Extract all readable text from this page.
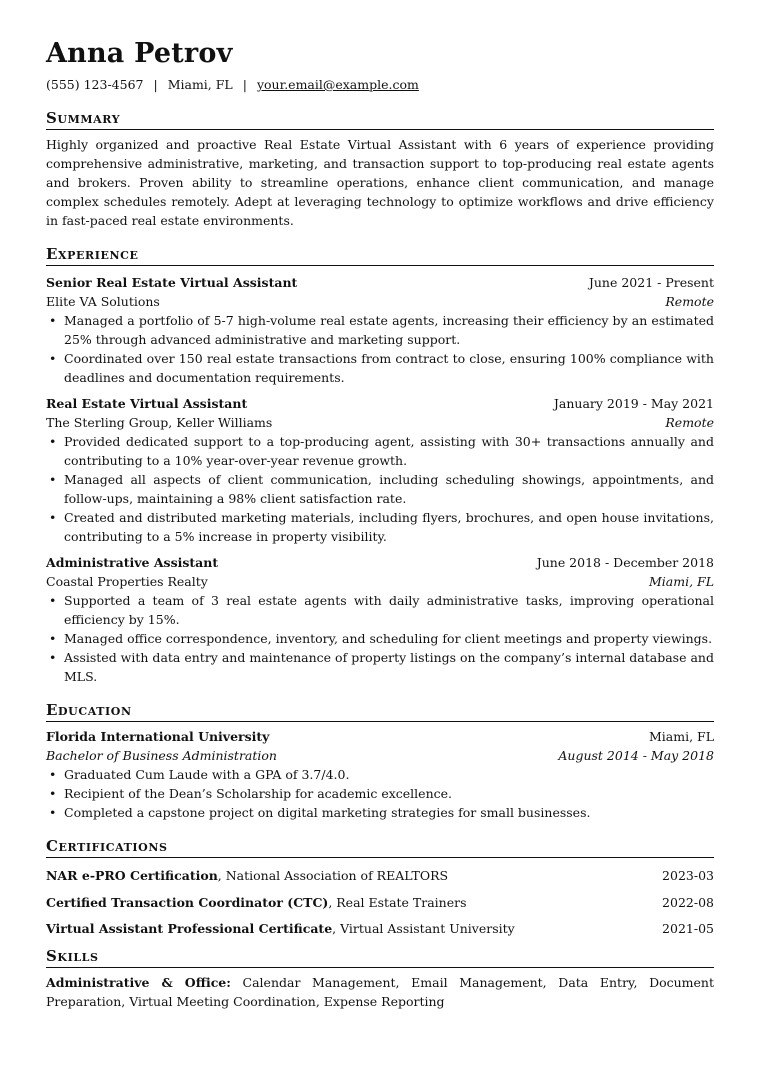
Anna Petrov
(555) 123-4567 | Miami, FL | your.email@example.com
Summary

Highly organized and proactive Real Estate Virtual Assistant with 6 years of experience providing comprehensive administrative, marketing, and transaction support to top-producing real estate agents and brokers. Proven ability to streamline operations, enhance client communication, and manage complex schedules remotely. Adept at leveraging technology to optimize workflows and drive efficiency in fast-paced real estate environments.

Experience
Senior Real Estate Virtual Assistant	June 2021 - Present
Elite VA Solutions	Remote
• Managed a portfolio of 5-7 high-volume real estate agents, increasing their efficiency by an estimated 25% through advanced administrative and marketing support.
• Coordinated over 150 real estate transactions from contract to close, ensuring 100% compliance with deadlines and documentation requirements.
Real Estate Virtual Assistant	January 2019 - May 2021
The Sterling Group, Keller Williams	Remote
• Provided dedicated support to a top-producing agent, assisting with 30+ transactions annually and contributing to a 10% year-over-year revenue growth.
• Managed all aspects of client communication, including scheduling showings, appointments, and follow-ups, maintaining a 98% client satisfaction rate.
• Created and distributed marketing materials, including flyers, brochures, and open house invitations, contributing to a 5% increase in property visibility.
Administrative Assistant	June 2018 - December 2018
Coastal Properties Realty	Miami, FL
• Supported a team of 3 real estate agents with daily administrative tasks, improving operational efficiency by 15%.
• Managed office correspondence, inventory, and scheduling for client meetings and property viewings.
• Assisted with data entry and maintenance of property listings on the company’s internal database and MLS.
Education
Florida International University	Miami, FL
Bachelor of Business Administration	August 2014 - May 2018
• Graduated Cum Laude with a GPA of 3.7/4.0.
• Recipient of the Dean’s Scholarship for academic excellence.
• Completed a capstone project on digital marketing strategies for small businesses.
Certifications
NAR e-PRO Certification, National Association of REALTORS	2023-03
Certified Transaction Coordinator (CTC), Real Estate Trainers	2022-08
Virtual Assistant Professional Certificate, Virtual Assistant University	2021-05
Skills
Administrative & Office: Calendar Management, Email Management, Data Entry, Document Preparation, Virtual Meeting Coordination, Expense Reporting
